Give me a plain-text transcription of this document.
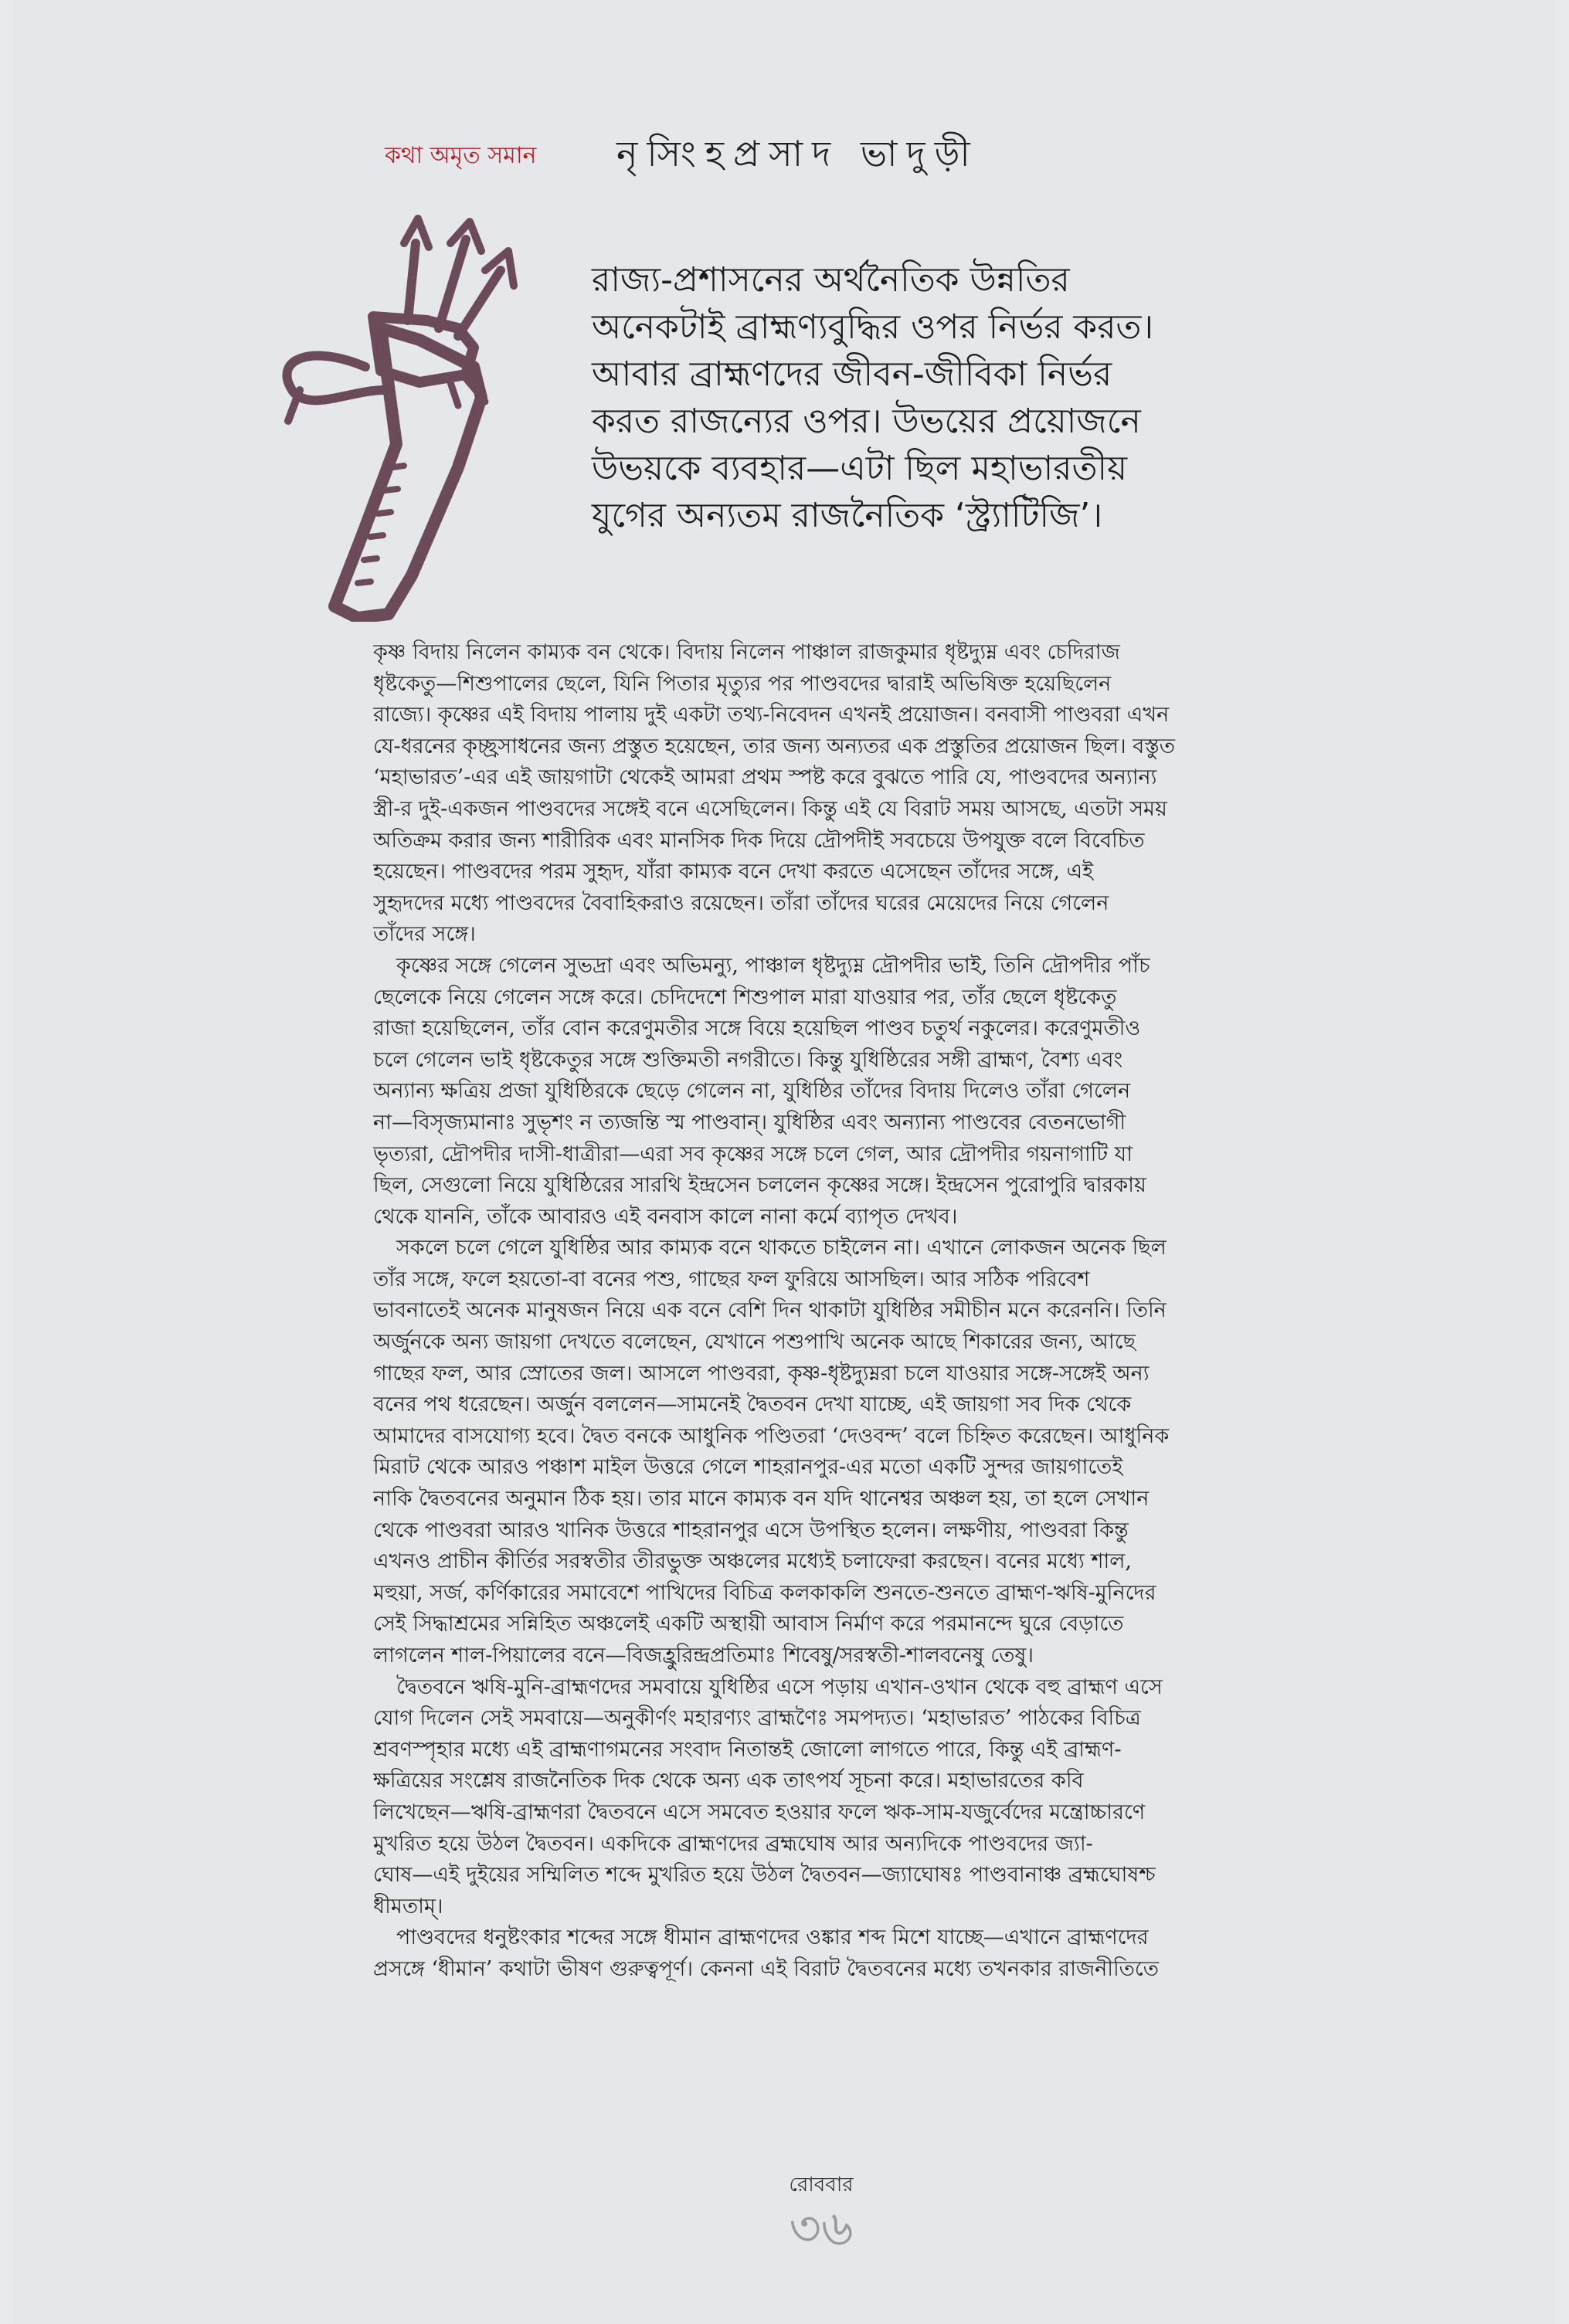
কথা অমৃত সমান নৃসিংহপ্রসাদ ভাদুড়ী
রাজ্য-প্রশাসনের অর্থনৈতিক উন্নতির
অনেকটাই ব্রাহ্মণ্যবুদ্ধির ওপর নির্ভর করত।
আবার ব্রাহ্মণদের জীবন-জীবিকা নির্ভর
করত রাজন্যের ওপর। উভয়ের প্রয়োজনে
উভয়কে ব্যবহার—এটা ছিল মহাভারতীয়
যুগের অন্যতম রাজনৈতিক ‘স্ট্র্যাটিজি’।
কৃষ্ণ বিদায় নিলেন কাম্যক বন থেকে। বিদায় নিলেন পাঞ্চাল রাজকুমার ধৃষ্টদ্যুম্ন এবং চেদিরাজ
ধৃষ্টকেতু—শিশুপালের ছেলে, যিনি পিতার মৃত্যুর পর পাণ্ডবদের দ্বারাই অভিষিক্ত হয়েছিলেন
রাজ্যে। কৃষ্ণের এই বিদায় পালায় দুই একটা তথ্য-নিবেদন এখনই প্রয়োজন। বনবাসী পাণ্ডবরা এখন
যে-ধরনের কৃচ্ছ্রসাধনের জন্য প্রস্তুত হয়েছেন, তার জন্য অন্যতর এক প্রস্তুতির প্রয়োজন ছিল। বস্তুত
‘মহাভারত’-এর এই জায়গাটা থেকেই আমরা প্রথম স্পষ্ট করে বুঝতে পারি যে, পাণ্ডবদের অন্যান্য
স্ত্রী-র দুই-একজন পাণ্ডবদের সঙ্গেই বনে এসেছিলেন। কিন্তু এই যে বিরাট সময় আসছে, এতটা সময়
অতিক্রম করার জন্য শারীরিক এবং মানসিক দিক দিয়ে দ্রৌপদীই সবচেয়ে উপযুক্ত বলে বিবেচিত
হয়েছেন। পাণ্ডবদের পরম সুহৃদ, যাঁরা কাম্যক বনে দেখা করতে এসেছেন তাঁদের সঙ্গে, এই
সুহৃদদের মধ্যে পাণ্ডবদের বৈবাহিকরাও রয়েছেন। তাঁরা তাঁদের ঘরের মেয়েদের নিয়ে গেলেন
তাঁদের সঙ্গে।
কৃষ্ণের সঙ্গে গেলেন সুভদ্রা এবং অভিমন্যু, পাঞ্চাল ধৃষ্টদ্যুম্ন দ্রৌপদীর ভাই, তিনি দ্রৌপদীর পাঁচ
ছেলেকে নিয়ে গেলেন সঙ্গে করে। চেদিদেশে শিশুপাল মারা যাওয়ার পর, তাঁর ছেলে ধৃষ্টকেতু
রাজা হয়েছিলেন, তাঁর বোন করেণুমতীর সঙ্গে বিয়ে হয়েছিল পাণ্ডব চতুর্থ নকুলের। করেণুমতীও
চলে গেলেন ভাই ধৃষ্টকেতুর সঙ্গে শুক্তিমতী নগরীতে। কিন্তু যুধিষ্ঠিরের সঙ্গী ব্রাহ্মণ, বৈশ্য এবং
অন্যান্য ক্ষত্রিয় প্রজা যুধিষ্ঠিরকে ছেড়ে গেলেন না, যুধিষ্ঠির তাঁদের বিদায় দিলেও তাঁরা গেলেন
না—বিসৃজ্যমানাঃ সুভৃশং ন ত্যজন্তি স্ম পাণ্ডবান্‌। যুধিষ্ঠির এবং অন্যান্য পাণ্ডবের বেতনভোগী
ভৃত্যরা, দ্রৌপদীর দাসী-ধাত্রীরা—এরা সব কৃষ্ণের সঙ্গে চলে গেল, আর দ্রৌপদীর গয়নাগাটি যা
ছিল, সেগুলো নিয়ে যুধিষ্ঠিরের সারথি ইন্দ্রসেন চললেন কৃষ্ণের সঙ্গে। ইন্দ্রসেন পুরোপুরি দ্বারকায়
থেকে যাননি, তাঁকে আবারও এই বনবাস কালে নানা কর্মে ব্যাপৃত দেখব।
সকলে চলে গেলে যুধিষ্ঠির আর কাম্যক বনে থাকতে চাইলেন না। এখানে লোকজন অনেক ছিল
তাঁর সঙ্গে, ফলে হয়তো-বা বনের পশু, গাছের ফল ফুরিয়ে আসছিল। আর সঠিক পরিবেশ
ভাবনাতেই অনেক মানুষজন নিয়ে এক বনে বেশি দিন থাকাটা যুধিষ্ঠির সমীচীন মনে করেননি। তিনি
অর্জুনকে অন্য জায়গা দেখতে বলেছেন, যেখানে পশুপাখি অনেক আছে শিকারের জন্য, আছে
গাছের ফল, আর স্রোতের জল। আসলে পাণ্ডবরা, কৃষ্ণ-ধৃষ্টদ্যুম্নরা চলে যাওয়ার সঙ্গে-সঙ্গেই অন্য
বনের পথ ধরেছেন। অর্জুন বললেন—সামনেই দ্বৈতবন দেখা যাচ্ছে, এই জায়গা সব দিক থেকে
আমাদের বাসযোগ্য হবে। দ্বৈত বনকে আধুনিক পণ্ডিতরা ‘দেওবন্দ’ বলে চিহ্নিত করেছেন। আধুনিক
মিরাট থেকে আরও পঞ্চাশ মাইল উত্তরে গেলে শাহরানপুর-এর মতো একটি সুন্দর জায়গাতেই
নাকি দ্বৈতবনের অনুমান ঠিক হয়। তার মানে কাম্যক বন যদি থানেশ্বর অঞ্চল হয়, তা হলে সেখান
থেকে পাণ্ডবরা আরও খানিক উত্তরে শাহরানপুর এসে উপস্থিত হলেন। লক্ষণীয়, পাণ্ডবরা কিন্তু
এখনও প্রাচীন কীর্তির সরস্বতীর তীরভুক্ত অঞ্চলের মধ্যেই চলাফেরা করছেন। বনের মধ্যে শাল,
মহুয়া, সর্জ, কর্ণিকারের সমাবেশে পাখিদের বিচিত্র কলকাকলি শুনতে-শুনতে ব্রাহ্মণ-ঋষি-মুনিদের
সেই সিদ্ধাশ্রমের সন্নিহিত অঞ্চলেই একটি অস্থায়ী আবাস নির্মাণ করে পরমানন্দে ঘুরে বেড়াতে
লাগলেন শাল-পিয়ালের বনে—বিজহ্রুরিন্দ্রপ্রতিমাঃ শিবেষু/সরস্বতী-শালবনেষু তেষু।
দ্বৈতবনে ঋষি-মুনি-ব্রাহ্মণদের সমবায়ে যুধিষ্ঠির এসে পড়ায় এখান-ওখান থেকে বহু ব্রাহ্মণ এসে
যোগ দিলেন সেই সমবায়ে—অনুকীর্ণং মহারণ্যং ব্রাহ্মণৈঃ সমপদ্যত। ‘মহাভারত’ পাঠকের বিচিত্র
শ্রবণস্পৃহার মধ্যে এই ব্রাহ্মণাগমনের সংবাদ নিতান্তই জোলো লাগতে পারে, কিন্তু এই ব্রাহ্মণ-
ক্ষত্রিয়ের সংশ্লেষ রাজনৈতিক দিক থেকে অন্য এক তাৎপর্য সূচনা করে। মহাভারতের কবি
লিখেছেন—ঋষি-ব্রাহ্মণরা দ্বৈতবনে এসে সমবেত হওয়ার ফলে ঋক-সাম-যজুর্বেদের মন্ত্রোচ্চারণে
মুখরিত হয়ে উঠল দ্বৈতবন। একদিকে ব্রাহ্মণদের ব্রহ্মঘোষ আর অন্যদিকে পাণ্ডবদের জ্যা-
ঘোষ—এই দুইয়ের সম্মিলিত শব্দে মুখরিত হয়ে উঠল দ্বৈতবন—জ্যাঘোষঃ পাণ্ডবানাঞ্চ ব্রহ্মঘোষশ্চ
ধীমতাম্‌।
পাণ্ডবদের ধনুষ্টংকার শব্দের সঙ্গে ধীমান ব্রাহ্মণদের ওঙ্কার শব্দ মিশে যাচ্ছে—এখানে ব্রাহ্মণদের
প্রসঙ্গে ‘ধীমান’ কথাটা ভীষণ গুরুত্বপূর্ণ। কেননা এই বিরাট দ্বৈতবনের মধ্যে তখনকার রাজনীতিতে
রোববার
৩৬
